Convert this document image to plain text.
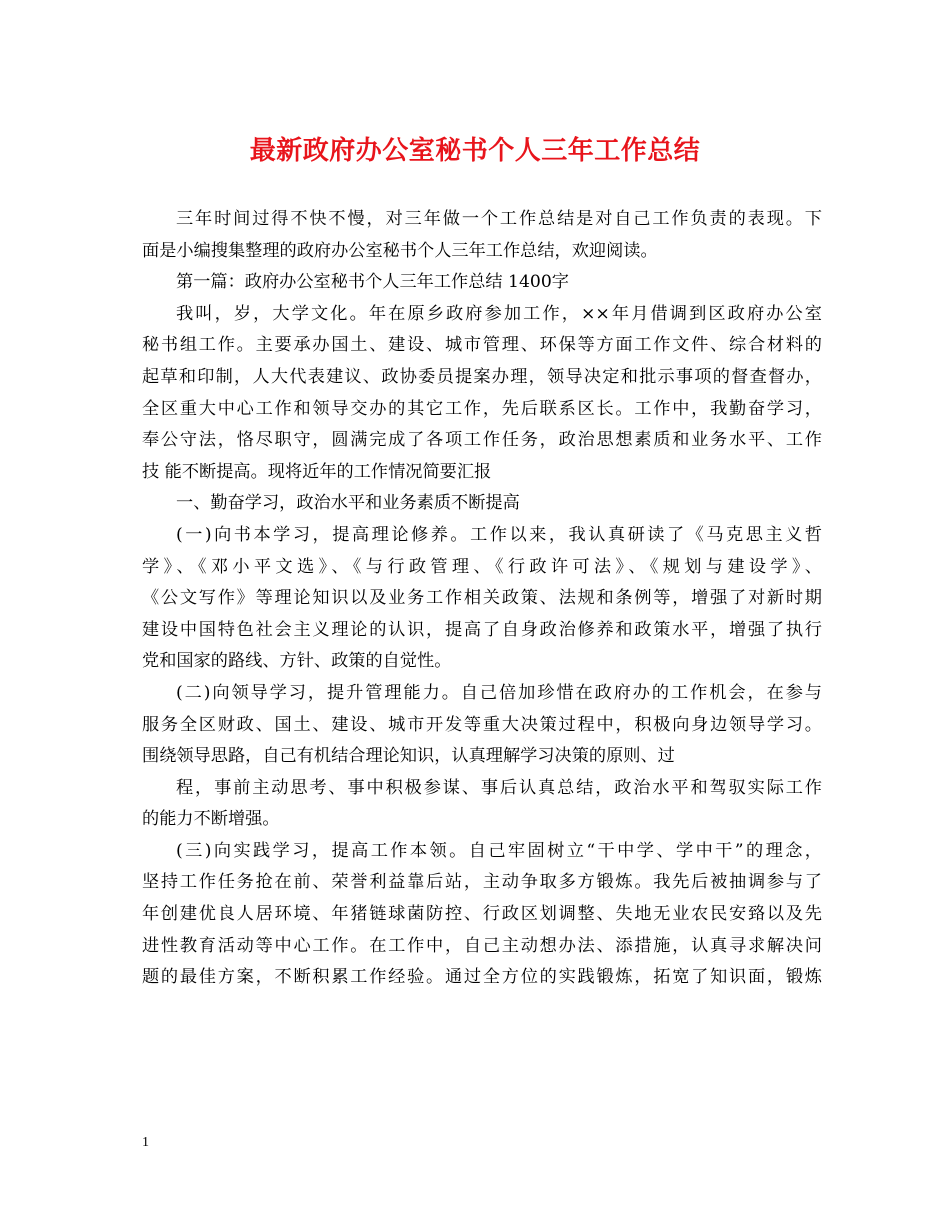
最新政府办公室秘书个人三年工作总结
三年时间过得不快不慢，对三年做一个工作总结是对自己工作负责的表现。下
面是小编搜集整理的政府办公室秘书个人三年工作总结，欢迎阅读。
第一篇：政府办公室秘书个人三年工作总结 1400字
我叫，岁，大学文化。年在原乡政府参加工作，××年月借调到区政府办公室
秘书组工作。主要承办国土、建设、城市管理、环保等方面工作文件、综合材料的
起草和印制，人大代表建议、政协委员提案办理，领导决定和批示事项的督查督办，
全区重大中心工作和领导交办的其它工作，先后联系区长。工作中，我勤奋学习，
奉公守法，恪尽职守，圆满完成了各项工作任务，政治思想素质和业务水平、工作
技 能不断提高。现将近年的工作情况简要汇报
一、勤奋学习，政治水平和业务素质不断提高
(一)向书本学习，提高理论修养。工作以来，我认真研读了《马克思主义哲
学》、《邓小平文选》、《与行政管理、《行政许可法》、《规划与建设学》、
《公文写作》等理论知识以及业务工作相关政策、法规和条例等，增强了对新时期
建设中国特色社会主义理论的认识，提高了自身政治修养和政策水平，增强了执行
党和国家的路线、方针、政策的自觉性。
(二)向领导学习，提升管理能力。自己倍加珍惜在政府办的工作机会，在参与
服务全区财政、国土、建设、城市开发等重大决策过程中，积极向身边领导学习。
围绕领导思路，自己有机结合理论知识，认真理解学习决策的原则、过
程，事前主动思考、事中积极参谋、事后认真总结，政治水平和驾驭实际工作
的能力不断增强。
(三)向实践学习，提高工作本领。自己牢固树立“干中学、学中干”的理念，
坚持工作任务抢在前、荣誉利益靠后站，主动争取多方锻炼。我先后被抽调参与了
年创建优良人居环境、年猪链球菌防控、行政区划调整、失地无业农民安臵以及先
进性教育活动等中心工作。在工作中，自己主动想办法、添措施，认真寻求解决问
题的最佳方案，不断积累工作经验。通过全方位的实践锻炼，拓宽了知识面，锻炼
1
